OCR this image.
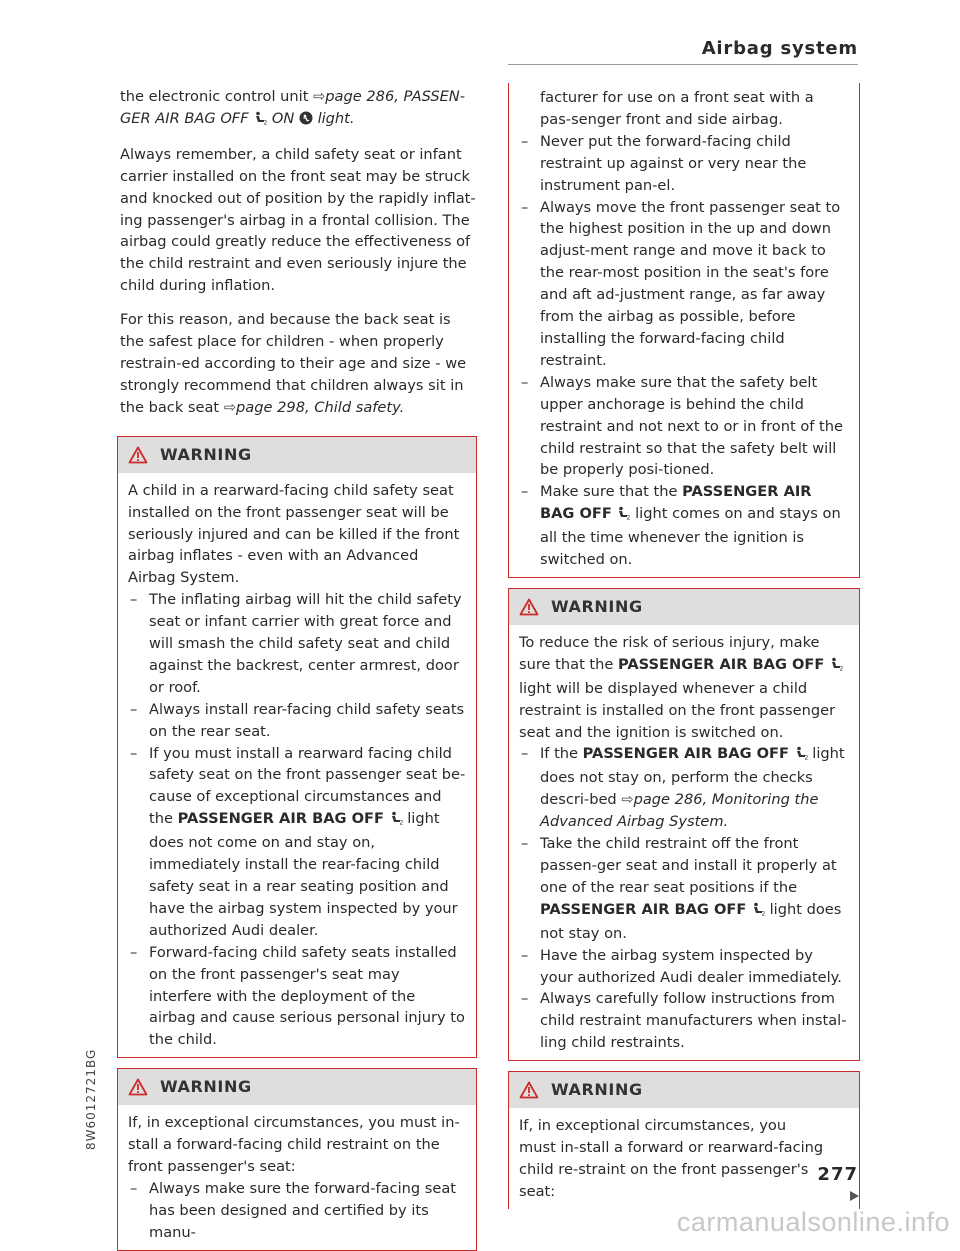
Airbag system

the electronic control unit ⇨page 286, PASSEN-GER AIR BAG OFF	2 ON light.

Always remember, a child safety seat or infant carrier installed on the front seat may be struck and knocked out of position by the rapidly inflat-ing passenger's airbag in a frontal collision. The airbag could greatly reduce the effectiveness of the child restraint and even seriously injure the child during inflation.

For this reason, and because the back seat is the safest place for children - when properly restrain-ed according to their age and size - we strongly recommend that children always sit in the back seat ⇨page 298, Child safety.

WARNING

A child in a rearward-facing child safety seat installed on the front passenger seat will be seriously injured and can be killed if the front airbag inflates - even with an Advanced Airbag System.

– The inflating airbag will hit the child safety seat or infant carrier with great force and will smash the child safety seat and child against the backrest, center armrest, door or roof.
– Always install rear-facing child safety seats on the rear seat.
– If you must install a rearward facing child safety seat on the front passenger seat be-cause of exceptional circumstances and the PASSENGER AIR BAG OFF	2 light does not come on and stay on, immediately install the rear-facing child safety seat in a rear seating position and have the airbag system inspected by your authorized Audi dealer.
– Forward-facing child safety seats installed on the front passenger's seat may interfere with the deployment of the airbag and cause serious personal injury to the child.
WARNING

If, in exceptional circumstances, you must in-stall a forward-facing child restraint on the front passenger's seat:

– Always make sure the forward-facing seat has been designed and certified by its manu-

facturer for use on a front seat with a pas-senger front and side airbag.

– Never put the forward-facing child restraint up against or very near the instrument pan-el.
– Always move the front passenger seat to the highest position in the up and down adjust-ment range and move it back to the rear-most position in the seat's fore and aft ad-justment range, as far away from the airbag as possible, before installing the forward-facing child restraint.
– Always make sure that the safety belt upper anchorage is behind the child restraint and not next to or in front of the child restraint so that the safety belt will be properly posi-tioned.
– Make sure that the PASSENGER AIR BAG OFF	2 light comes on and stays on all the time whenever the ignition is switched on.
WARNING

To reduce the risk of serious injury, make sure that the PASSENGER AIR BAG OFF	2
light will be displayed whenever a child restraint is installed on the front passenger seat and the ignition is switched on.

– If the PASSENGER AIR BAG OFF	2 light does not stay on, perform the checks descri-bed ⇨page 286, Monitoring the Advanced Airbag System.
– Take the child restraint off the front passen-ger seat and install it properly at one of the rear seat positions if the PASSENGER AIR BAG OFF	2 light does not stay on.
– Have the airbag system inspected by your authorized Audi dealer immediately.
– Always carefully follow instructions from child restraint manufacturers when instal-ling child restraints.
WARNING

If, in exceptional circumstances, you must in-stall a forward or rearward-facing child re-straint on the front passenger's seat:

8W6012721BG
277
carmanualsonline.info
